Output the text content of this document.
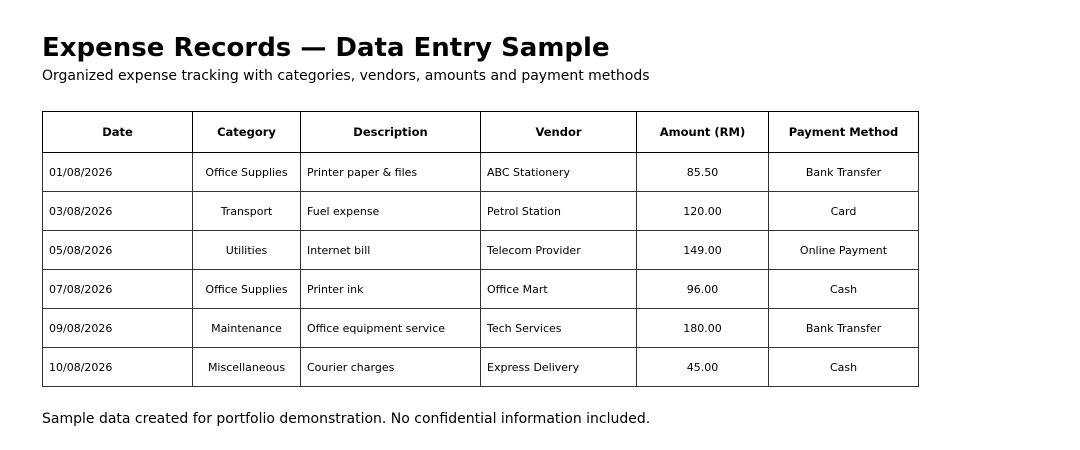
Expense Records — Data Entry Sample

Organized expense tracking with categories, vendors, amounts and payment methods

Date	Category	Description	Vendor	Amount (RM)	Payment Method
01/08/2026	Office Supplies	Printer paper & files	ABC Stationery	85.50	Bank Transfer
03/08/2026	Transport	Fuel expense	Petrol Station	120.00	Card
05/08/2026	Utilities	Internet bill	Telecom Provider	149.00	Online Payment
07/08/2026	Office Supplies	Printer ink	Office Mart	96.00	Cash
09/08/2026	Maintenance	Office equipment service	Tech Services	180.00	Bank Transfer
10/08/2026	Miscellaneous	Courier charges	Express Delivery	45.00	Cash

Sample data created for portfolio demonstration. No confidential information included.
